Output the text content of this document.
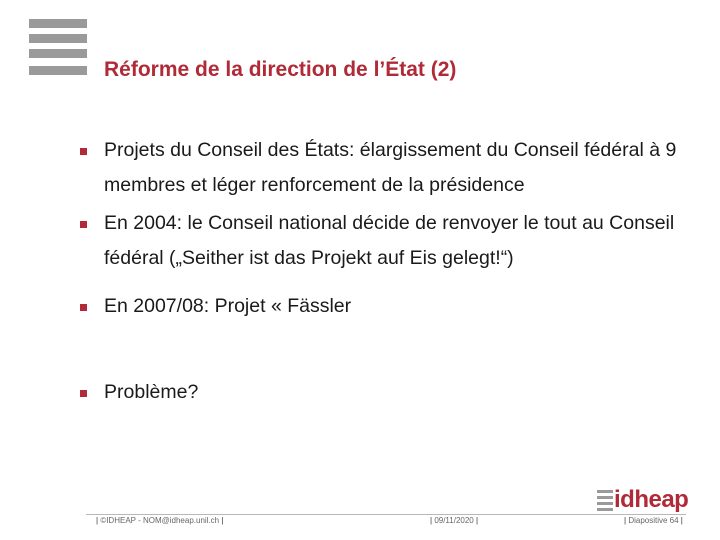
Réforme de la direction de l’État (2)
Projets du Conseil des États: élargissement du Conseil fédéral à 9 membres et léger renforcement de la présidence
En 2004: le Conseil national décide de renvoyer le tout au Conseil fédéral („Seither ist das Projekt auf Eis gelegt!“)
En 2007/08: Projet « Fässler
Problème?
idheap
| ©IDHEAP - NOM@idheap.unil.ch |	| 09/11/2020 |	| Diapositive 64 |
